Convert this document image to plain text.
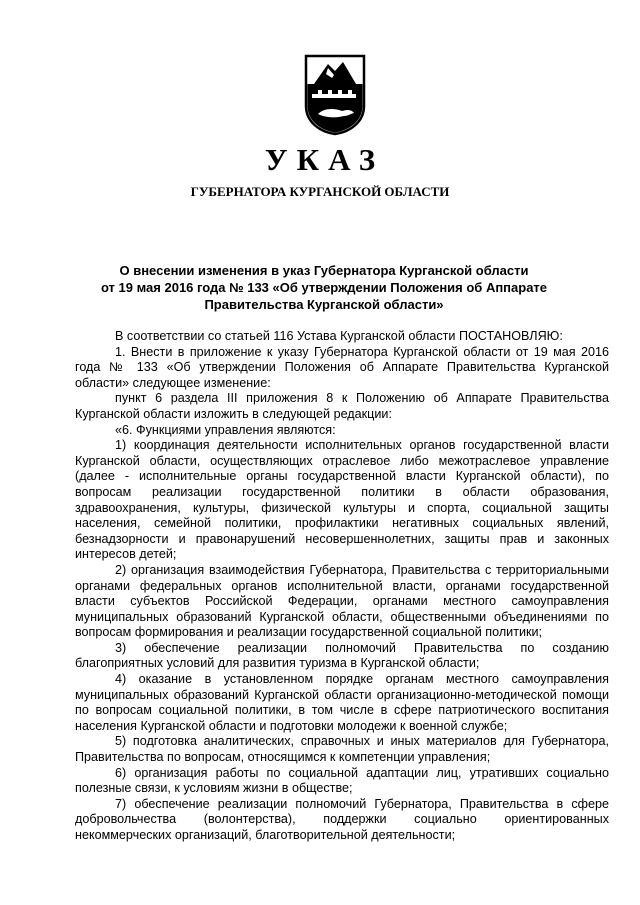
УКАЗ
ГУБЕРНАТОРА КУРГАНСКОЙ ОБЛАСТИ
О внесении изменения в указ Губернатора Курганской области
от 19 мая 2016 года № 133 «Об утверждении Положения об Аппарате
Правительства Курганской области»

В соответствии со статьей 116 Устава Курганской области ПОСТАНОВЛЯЮ:

1. Внести в приложение к указу Губернатора Курганской области от 19 мая 2016 года № 133 «Об утверждении Положения об Аппарате Правительства Курганской области» следующее изменение:

пункт 6 раздела III приложения 8 к Положению об Аппарате Правительства Курганской области изложить в следующей редакции:

«6. Функциями управления являются:

1) координация деятельности исполнительных органов государственной власти Курганской области, осуществляющих отраслевое либо межотраслевое управление (далее - исполнительные органы государственной власти Курганской области), по вопросам реализации государственной политики в области образования, здравоохранения, культуры, физической культуры и спорта, социальной защиты населения, семейной политики, профилактики негативных социальных явлений, безнадзорности и правонарушений несовершеннолетних, защиты прав и законных интересов детей;

2) организация взаимодействия Губернатора, Правительства с территориальными органами федеральных органов исполнительной власти, органами государственной власти субъектов Российской Федерации, органами местного самоуправления муниципальных образований Курганской области, общественными объединениями по вопросам формирования и реализации государственной социальной политики;

3) обеспечение реализации полномочий Правительства по созданию благоприятных условий для развития туризма в Курганской области;

4) оказание в установленном порядке органам местного самоуправления муниципальных образований Курганской области организационно-методической помощи по вопросам социальной политики, в том числе в сфере патриотического воспитания населения Курганской области и подготовки молодежи к военной службе;

5) подготовка аналитических, справочных и иных материалов для Губернатора, Правительства по вопросам, относящимся к компетенции управления;

6) организация работы по социальной адаптации лиц, утративших социально полезные связи, к условиям жизни в обществе;

7) обеспечение реализации полномочий Губернатора, Правительства в сфере добровольчества (волонтерства), поддержки социально ориентированных некоммерческих организаций, благотворительной деятельности;
